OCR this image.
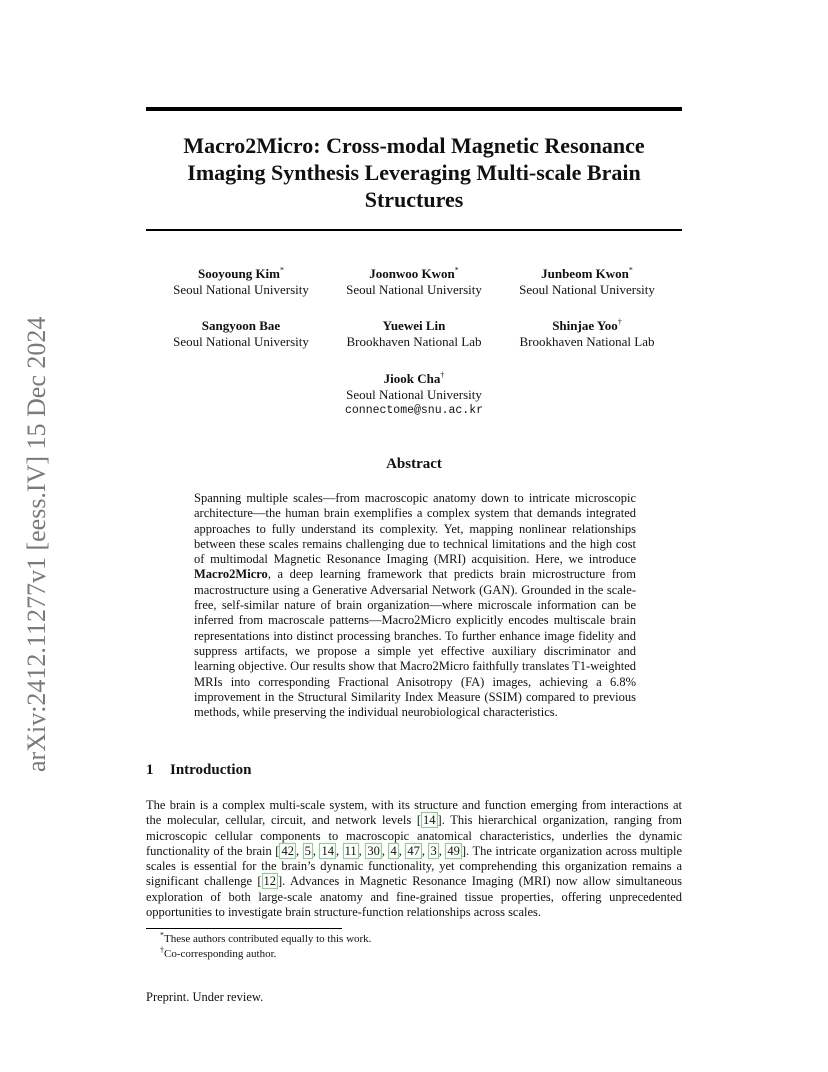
arXiv:2412.11277v1 [eess.IV] 15 Dec 2024
Macro2Micro: Cross-modal Magnetic Resonance Imaging Synthesis Leveraging Multi-scale Brain Structures
Sooyoung Kim*
Seoul National University
Joonwoo Kwon*
Seoul National University
Junbeom Kwon*
Seoul National University
Sangyoon Bae
Seoul National University
Yuewei Lin
Brookhaven National Lab
Shinjae Yoo†
Brookhaven National Lab
Jiook Cha†
Seoul National University
connectome@snu.ac.kr
Abstract

Spanning multiple scales—from macroscopic anatomy down to intricate microscopic architecture—the human brain exemplifies a complex system that demands integrated approaches to fully understand its complexity. Yet, mapping nonlinear relationships between these scales remains challenging due to technical limitations and the high cost of multimodal Magnetic Resonance Imaging (MRI) acquisition. Here, we introduce Macro2Micro, a deep learning framework that predicts brain microstructure from macrostructure using a Generative Adversarial Network (GAN). Grounded in the scale-free, self-similar nature of brain organization—where microscale information can be inferred from macroscale patterns—Macro2Micro explicitly encodes multiscale brain representations into distinct processing branches. To further enhance image fidelity and suppress artifacts, we propose a simple yet effective auxiliary discriminator and learning objective. Our results show that Macro2Micro faithfully translates T1-weighted MRIs into corresponding Fractional Anisotropy (FA) images, achieving a 6.8% improvement in the Structural Similarity Index Measure (SSIM) compared to previous methods, while preserving the individual neurobiological characteristics.

1 Introduction

The brain is a complex multi-scale system, with its structure and function emerging from interactions at the molecular, cellular, circuit, and network levels [ 14 ]. This hierarchical organization, ranging from microscopic cellular components to macroscopic anatomical characteristics, underlies the dynamic functionality of the brain [ 42 , 5 , 14 , 11 , 30 , 4 , 47 , 3 , 49 ]. The intricate organization across multiple scales is essential for the brain’s dynamic functionality, yet comprehending this organization remains a significant challenge [ 12 ]. Advances in Magnetic Resonance Imaging (MRI) now allow simultaneous exploration of both large-scale anatomy and fine-grained tissue properties, offering unprecedented opportunities to investigate brain structure-function relationships across scales.

*These authors contributed equally to this work.
†Co-corresponding author.
Preprint. Under review.
